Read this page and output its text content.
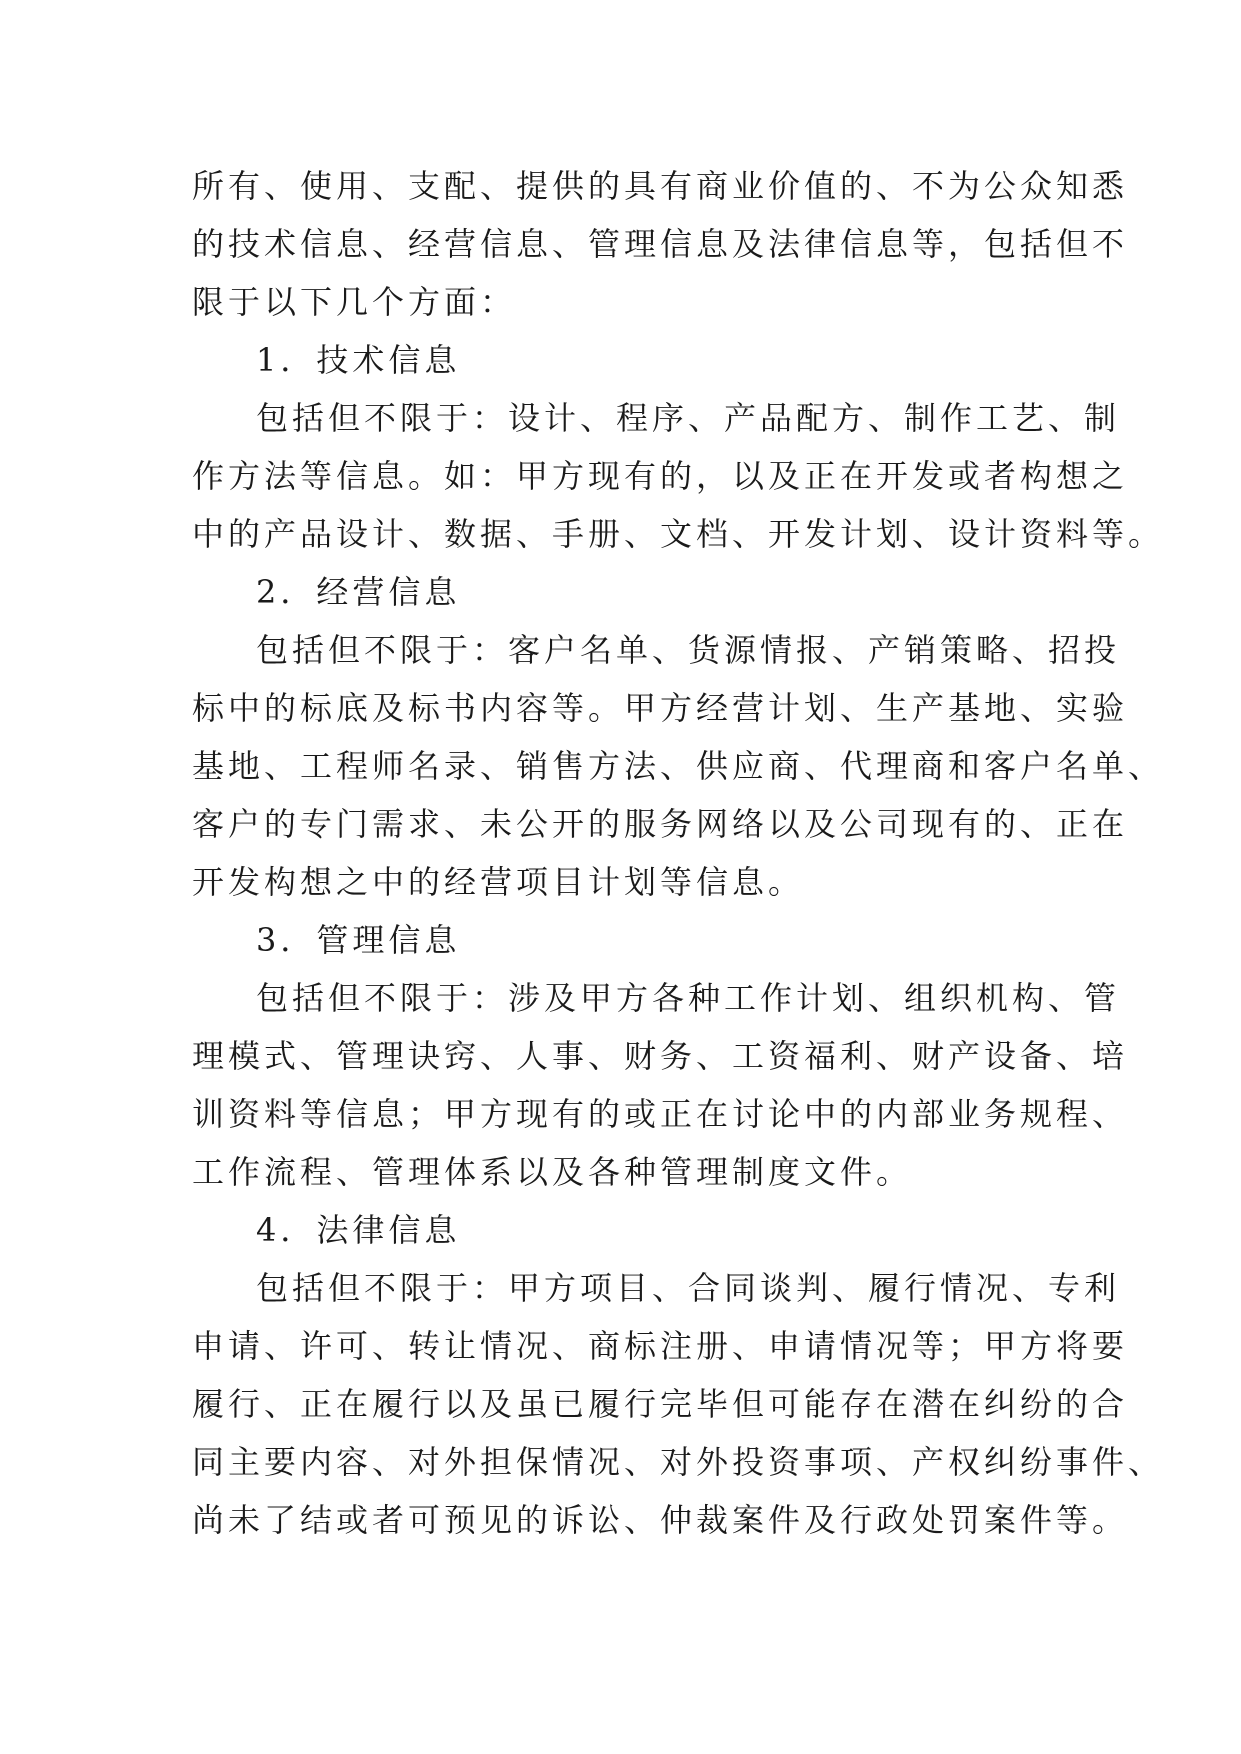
所有、使用、支配、提供的具有商业价值的、不为公众知悉
的技术信息、经营信息、管理信息及法律信息等，包括但不
限于以下几个方面：
1．技术信息
包括但不限于：设计、程序、产品配方、制作工艺、制
作方法等信息。如：甲方现有的，以及正在开发或者构想之
中的产品设计、数据、手册、文档、开发计划、设计资料等。
2．经营信息
包括但不限于：客户名单、货源情报、产销策略、招投
标中的标底及标书内容等。甲方经营计划、生产基地、实验
基地、工程师名录、销售方法、供应商、代理商和客户名单、
客户的专门需求、未公开的服务网络以及公司现有的、正在
开发构想之中的经营项目计划等信息。
3．管理信息
包括但不限于：涉及甲方各种工作计划、组织机构、管
理模式、管理诀窍、人事、财务、工资福利、财产设备、培
训资料等信息；甲方现有的或正在讨论中的内部业务规程、
工作流程、管理体系以及各种管理制度文件。
4．法律信息
包括但不限于：甲方项目、合同谈判、履行情况、专利
申请、许可、转让情况、商标注册、申请情况等；甲方将要
履行、正在履行以及虽已履行完毕但可能存在潜在纠纷的合
同主要内容、对外担保情况、对外投资事项、产权纠纷事件、
尚未了结或者可预见的诉讼、仲裁案件及行政处罚案件等。
